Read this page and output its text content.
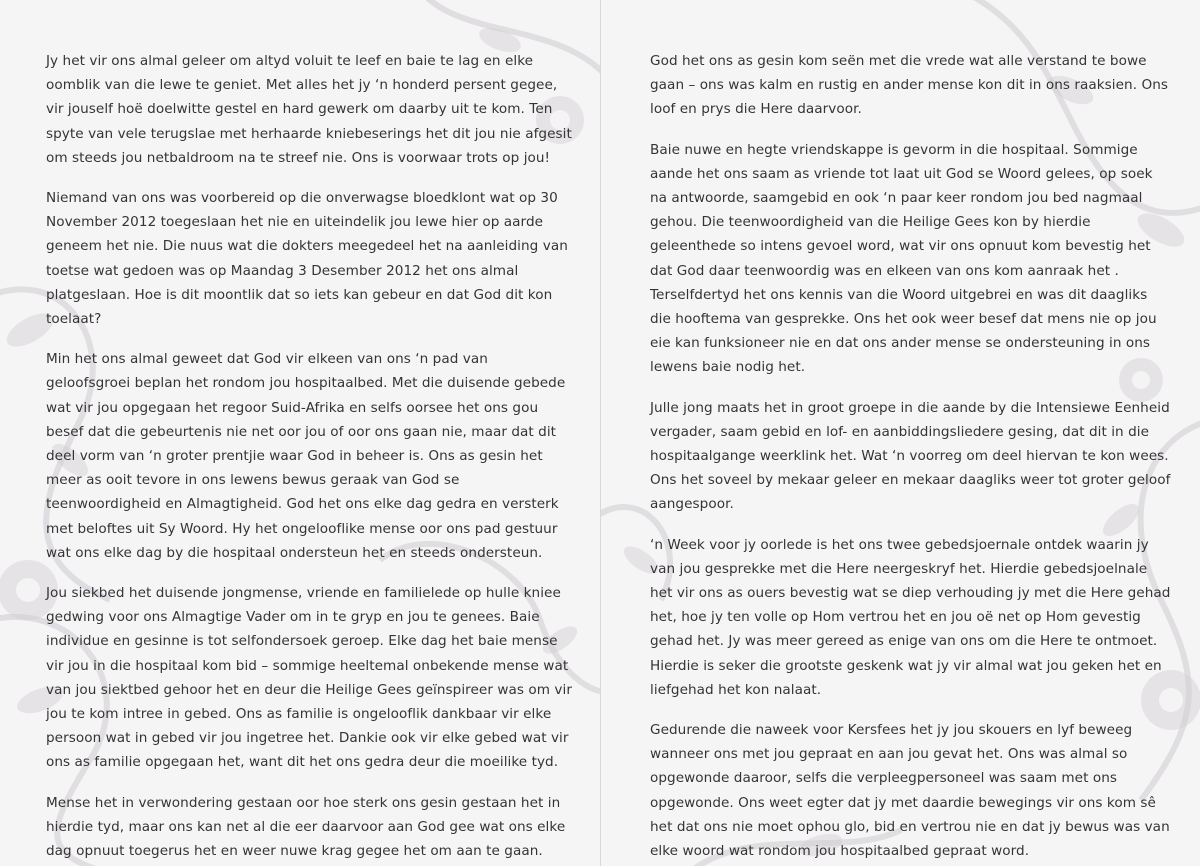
Jy het vir ons almal geleer om altyd voluit te leef en baie te lag en elke oomblik van die lewe te geniet. Met alles het jy ‘n honderd persent gegee, vir jouself hoë doelwitte gestel en hard gewerk om daarby uit te kom. Ten spyte van vele terugslae met herhaarde kniebeserings het dit jou nie afgesit om steeds jou netbaldroom na te streef nie. Ons is voorwaar trots op jou!

Niemand van ons was voorbereid op die onverwagse bloedklont wat op 30 November 2012 toegeslaan het nie en uiteindelik jou lewe hier op aarde geneem het nie. Die nuus wat die dokters meegedeel het na aanleiding van toetse wat gedoen was op Maandag 3 Desember 2012 het ons almal platgeslaan. Hoe is dit moontlik dat so iets kan gebeur en dat God dit kon toelaat?

Min het ons almal geweet dat God vir elkeen van ons ‘n pad van geloofsgroei beplan het rondom jou hospitaalbed. Met die duisende gebede wat vir jou opgegaan het regoor Suid-Afrika en selfs oorsee het ons gou besef dat die gebeurtenis nie net oor jou of oor ons gaan nie, maar dat dit deel vorm van ‘n groter prentjie waar God in beheer is. Ons as gesin het meer as ooit tevore in ons lewens bewus geraak van God se teenwoordigheid en Almagtigheid. God het ons elke dag gedra en versterk met beloftes uit Sy Woord. Hy het ongelooflike mense oor ons pad gestuur wat ons elke dag by die hospitaal ondersteun het en steeds ondersteun.

Jou siekbed het duisende jongmense, vriende en familielede op hulle kniee gedwing voor ons Almagtige Vader om in te gryp en jou te genees. Baie individue en gesinne is tot selfondersoek geroep. Elke dag het baie mense vir jou in die hospitaal kom bid – sommige heeltemal onbekende mense wat van jou siektbed gehoor het en deur die Heilige Gees geïnspireer was om vir jou te kom intree in gebed. Ons as familie is ongelooflik dankbaar vir elke persoon wat in gebed vir jou ingetree het. Dankie ook vir elke gebed wat vir ons as familie opgegaan het, want dit het ons gedra deur die moeilike tyd.

Mense het in verwondering gestaan oor hoe sterk ons gesin gestaan het in hierdie tyd, maar ons kan net al die eer daarvoor aan God gee wat ons elke dag opnuut toegerus het en weer nuwe krag gegee het om aan te gaan.

God het ons as gesin kom seën met die vrede wat alle verstand te bowe gaan – ons was kalm en rustig en ander mense kon dit in ons raaksien. Ons loof en prys die Here daarvoor.

Baie nuwe en hegte vriendskappe is gevorm in die hospitaal. Sommige aande het ons saam as vriende tot laat uit God se Woord gelees, op soek na antwoorde, saamgebid en ook ‘n paar keer rondom jou bed nagmaal gehou. Die teenwoordigheid van die Heilige Gees kon by hierdie geleenthede so intens gevoel word, wat vir ons opnuut kom bevestig het dat God daar teenwoordig was en elkeen van ons kom aanraak het . Terselfdertyd het ons kennis van die Woord uitgebrei en was dit daagliks die hooftema van gesprekke. Ons het ook weer besef dat mens nie op jou eie kan funksioneer nie en dat ons ander mense se ondersteuning in ons lewens baie nodig het.

Julle jong maats het in groot groepe in die aande by die Intensiewe Eenheid vergader, saam gebid en lof- en aanbiddingsliedere gesing, dat dit in die hospitaalgange weerklink het. Wat ‘n voorreg om deel hiervan te kon wees. Ons het soveel by mekaar geleer en mekaar daagliks weer tot groter geloof aangespoor.

‘n Week voor jy oorlede is het ons twee gebedsjoernale ontdek waarin jy van jou gesprekke met die Here neergeskryf het. Hierdie gebedsjoelnale het vir ons as ouers bevestig wat se diep verhouding jy met die Here gehad het, hoe jy ten volle op Hom vertrou het en jou oë net op Hom gevestig gehad het. Jy was meer gereed as enige van ons om die Here te ontmoet. Hierdie is seker die grootste geskenk wat jy vir almal wat jou geken het en liefgehad het kon nalaat.

Gedurende die naweek voor Kersfees het jy jou skouers en lyf beweeg wanneer ons met jou gepraat en aan jou gevat het. Ons was almal so opgewonde daaroor, selfs die verpleegpersoneel was saam met ons opgewonde. Ons weet egter dat jy met daardie bewegings vir ons kom sê het dat ons nie moet ophou glo, bid en vertrou nie en dat jy bewus was van elke woord wat rondom jou hospitaalbed gepraat word.
